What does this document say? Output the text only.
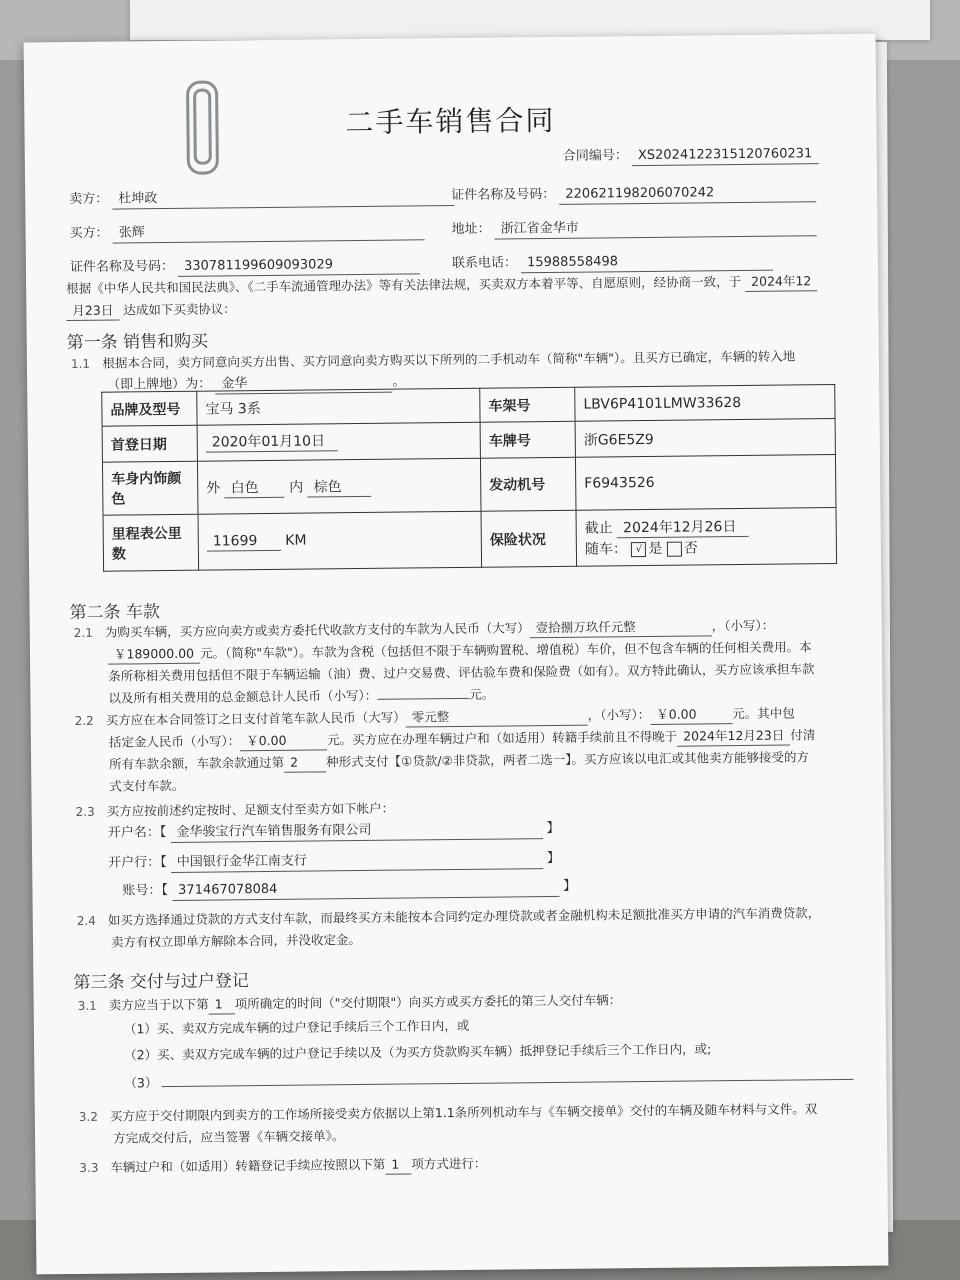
二手车销售合同
合同编号： XS20241223151207602​31
卖方： 杜坤政	证件名称及号码： 220621198206070242
买方： 张辉	地址： 浙江省金华市
证件名称及号码： 330781199609093029	联系电话： 15988558498
根据《中华人民共和国民法典》、《二手车流通管理办法》等有关法律法规，买卖双方本着平等、自愿原则，经协商一致，于 2024年12
月23日 达成如下买卖协议：
第一条 销售和购买
1.1 根据本合同，卖方同意向买方出售、买方同意向卖方购买以下所列的二手机动车（简称"车辆"）。且买方已确定，车辆的转入地
（即上牌地）为： 金华	。
品牌及型号	宝马 3系	车架号	LBV6P4101LMW33628
首登日期	2020年01月10日	车牌号	浙G6E5Z9
车身内饰颜色	外 白色 内 棕色	发动机号	F6943526
里程表公里数	11699 KM	保险状况	截止 2024年12月26日
随车： √ 是 否
第二条 车款
2.1 为购买车辆，买方应向卖方或卖方委托代收款方支付的车款为人民币（大写） 壹拾捌万玖仟元整	，（小写）：
￥189000.00 元。（简称"车款"）。车款为含税（包括但不限于车辆购置税、增值税）车价，但不包含车辆的任何相关费用。本
条所称相关费用包括但不限于车辆运输（油）费、过户交易费、评估验车费和保险费（如有）。双方特此确认，买方应该承担车款
以及所有相关费用的总金额总计人民币（小写）：	元。
2.2 买方应在本合同签订之日支付首笔车款人民币（大写） 零元整	，（小写）： ￥0.00	元。其中包
括定金人民币（小写）： ￥0.00	元。买方应在办理车辆过户和（如适用）转籍手续前且不得晚于 2024年12月23日 付清
所有车款余额，车款余款通过第 2 种形式支付【①贷款/②非贷款，两者二选一】。买方应该以电汇或其他卖方能够接受的方
式支付车款。
2.3 买方应按前述约定按时、足额支付至卖方如下帐户：
开户名：【 金华骏宝行汽车销售服务有限公司	】
开户行：【 中国银行金华江南支行	】
账号：【 371467078084	】
2.4 如买方选择通过贷款的方式支付车款，而最终买方未能按本合同约定办理贷款或者金融机构未足额批准买方申请的汽车消费贷款，
卖方有权立即单方解除本合同，并没收定金。
第三条 交付与过户登记
3.1 卖方应当于以下第 1 项所确定的时间（"交付期限"）向买方或买方委托的第三人交付车辆：
（1）买、卖双方完成车辆的过户登记手续后三个工作日内，或
（2）买、卖双方完成车辆的过户登记手续以及（为买方贷款购买车辆）抵押登记手续后三个工作日内，或;
（3）
3.2 买方应于交付期限内到卖方的工作场所接受卖方依据以上第1.1条所列机动车与《车辆交接单》交付的车辆及随车材料与文件。双
方完成交付后，应当签署《车辆交接单》。
3.3 车辆过户和（如适用）转籍登记手续应按照以下第 1 项方式进行：
